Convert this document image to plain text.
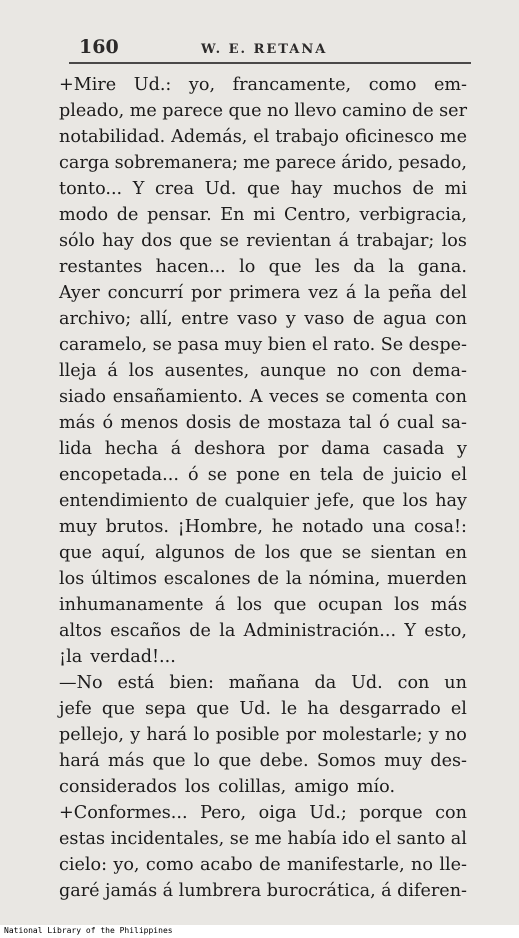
160	W. E. RETANA
+Mire Ud.: yo, francamente, como em-
pleado, me parece que no llevo camino de ser
notabilidad. Además, el trabajo oficinesco me
carga sobremanera; me parece árido, pesado,
tonto... Y crea Ud. que hay muchos de mi
modo de pensar. En mi Centro, verbigracia,
sólo hay dos que se revientan á trabajar; los
restantes hacen... lo que les da la gana.
Ayer concurrí por primera vez á la peña del
archivo; allí, entre vaso y vaso de agua con
caramelo, se pasa muy bien el rato. Se despe-
lleja á los ausentes, aunque no con dema-
siado ensañamiento. A veces se comenta con
más ó menos dosis de mostaza tal ó cual sa-
lida hecha á deshora por dama casada y
encopetada... ó se pone en tela de juicio el
entendimiento de cualquier jefe, que los hay
muy brutos. ¡Hombre, he notado una cosa!:
que aquí, algunos de los que se sientan en
los últimos escalones de la nómina, muerden
inhumanamente á los que ocupan los más
altos escaños de la Administración... Y esto,
¡la verdad!...
—No está bien: mañana da Ud. con un
jefe que sepa que Ud. le ha desgarrado el
pellejo, y hará lo posible por molestarle; y no
hará más que lo que debe. Somos muy des-
considerados los colillas, amigo mío.
+Conformes... Pero, oiga Ud.; porque con
estas incidentales, se me había ido el santo al
cielo: yo, como acabo de manifestarle, no lle-
garé jamás á lumbrera burocrática, á diferen-
National Library of the Philippines
